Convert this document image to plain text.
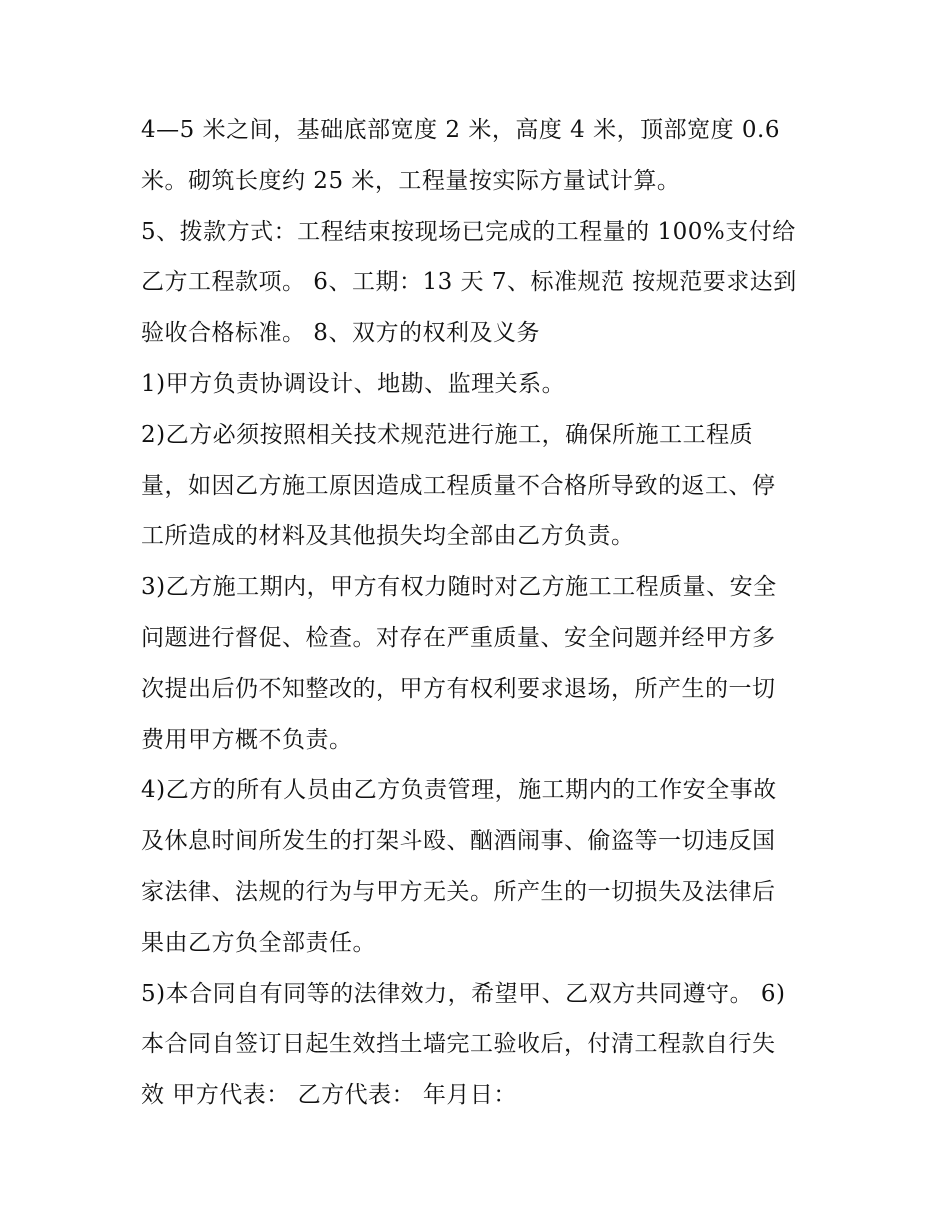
4—5 米之间，基础底部宽度 2 米，高度 4 米，顶部宽度 0.6
米。砌筑长度约 25 米，工程量按实际方量试计算。
5、拨款方式：工程结束按现场已完成的工程量的 100%支付给
乙方工程款项。 6、工期：13 天 7、标准规范 按规范要求达到
验收合格标准。 8、双方的权利及义务
1)甲方负责协调设计、地勘、监理关系。
2)乙方必须按照相关技术规范进行施工，确保所施工工程质
量，如因乙方施工原因造成工程质量不合格所导致的返工、停
工所造成的材料及其他损失均全部由乙方负责。
3)乙方施工期内，甲方有权力随时对乙方施工工程质量、安全
问题进行督促、检查。对存在严重质量、安全问题并经甲方多
次提出后仍不知整改的，甲方有权利要求退场，所产生的一切
费用甲方概不负责。
4)乙方的所有人员由乙方负责管理，施工期内的工作安全事故
及休息时间所发生的打架斗殴、酗酒闹事、偷盗等一切违反国
家法律、法规的行为与甲方无关。所产生的一切损失及法律后
果由乙方负全部责任。
5)本合同自有同等的法律效力，希望甲、乙双方共同遵守。 6)
本合同自签订日起生效挡土墙完工验收后，付清工程款自行失
效 甲方代表： 乙方代表： 年月日：
